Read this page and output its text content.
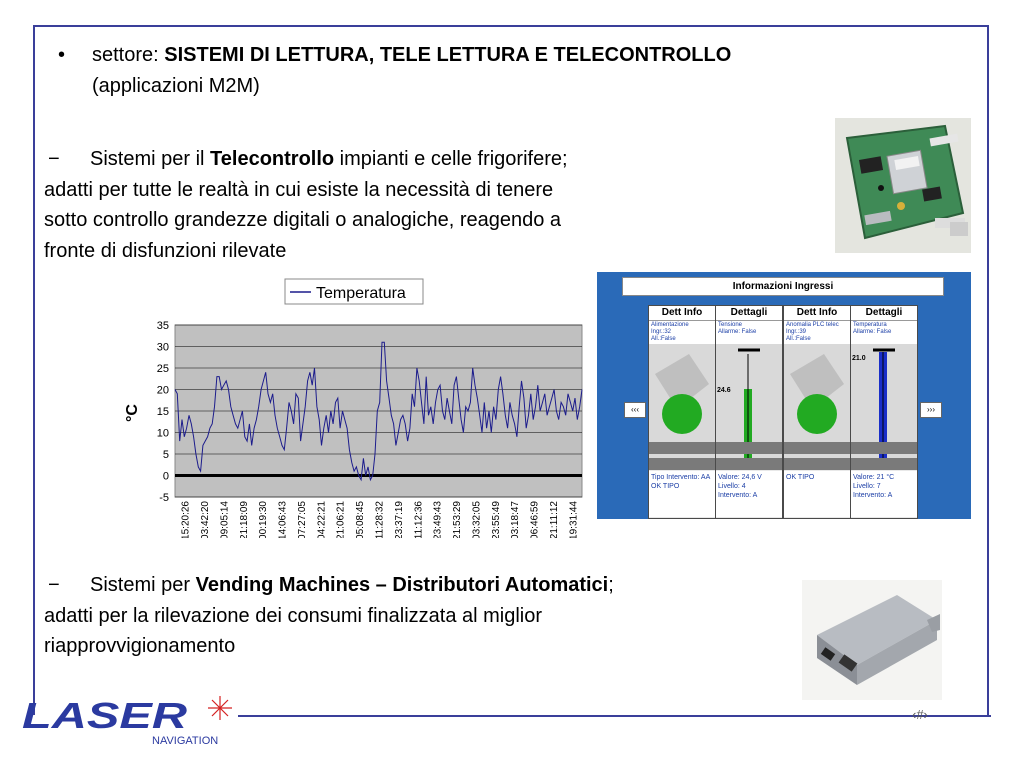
• settore: SISTEMI DI LETTURA, TELE LETTURA E TELECONTROLLO
(applicazioni M2M)
− Sistemi per il Telecontrollo impianti e celle frigorifere;
adatti per tutte le realtà in cui esiste la necessità di tenere
sotto controllo grandezze digitali o analogiche, reagendo a
fronte di disfunzioni rilevate
− Sistemi per Vending Machines – Distributori Automatici;
adatti per la rilevazione dei consumi finalizzata al miglior
riapprovvigionamento
Temperatura
35
30
25
20
15
10
5
0
-5
15:20:26 03:42:20 09:05:14 21:18:09 00:19:30 14:06:43 07:27:05 04:22:21 21:06:21 05:08:45 11:28:32 23:37:19 11:12:36 23:49:43 21:53:29 03:32:05 23:55:49 03:18:47 06:46:59 21:11:12 19:31:44
°C
Informazioni Ingressi
‹‹‹	›››
Dett Info
Alimentazione
Ingr.:32
All.:False
Tipo Intervento: AA
OK TIPO
Dettagli
Tensione
Allarme: False
24.6
Valore: 24,6 V
Livello: 4
Intervento: A
Dett Info
Anomalia PLC telec
Ingr.:39
All.:False
OK TIPO
Dettagli
Temperatura
Allarme: False
21.0
Valore: 21 °C
Livello: 7
Intervento: A
LASER
NAVIGATION
‹#›
